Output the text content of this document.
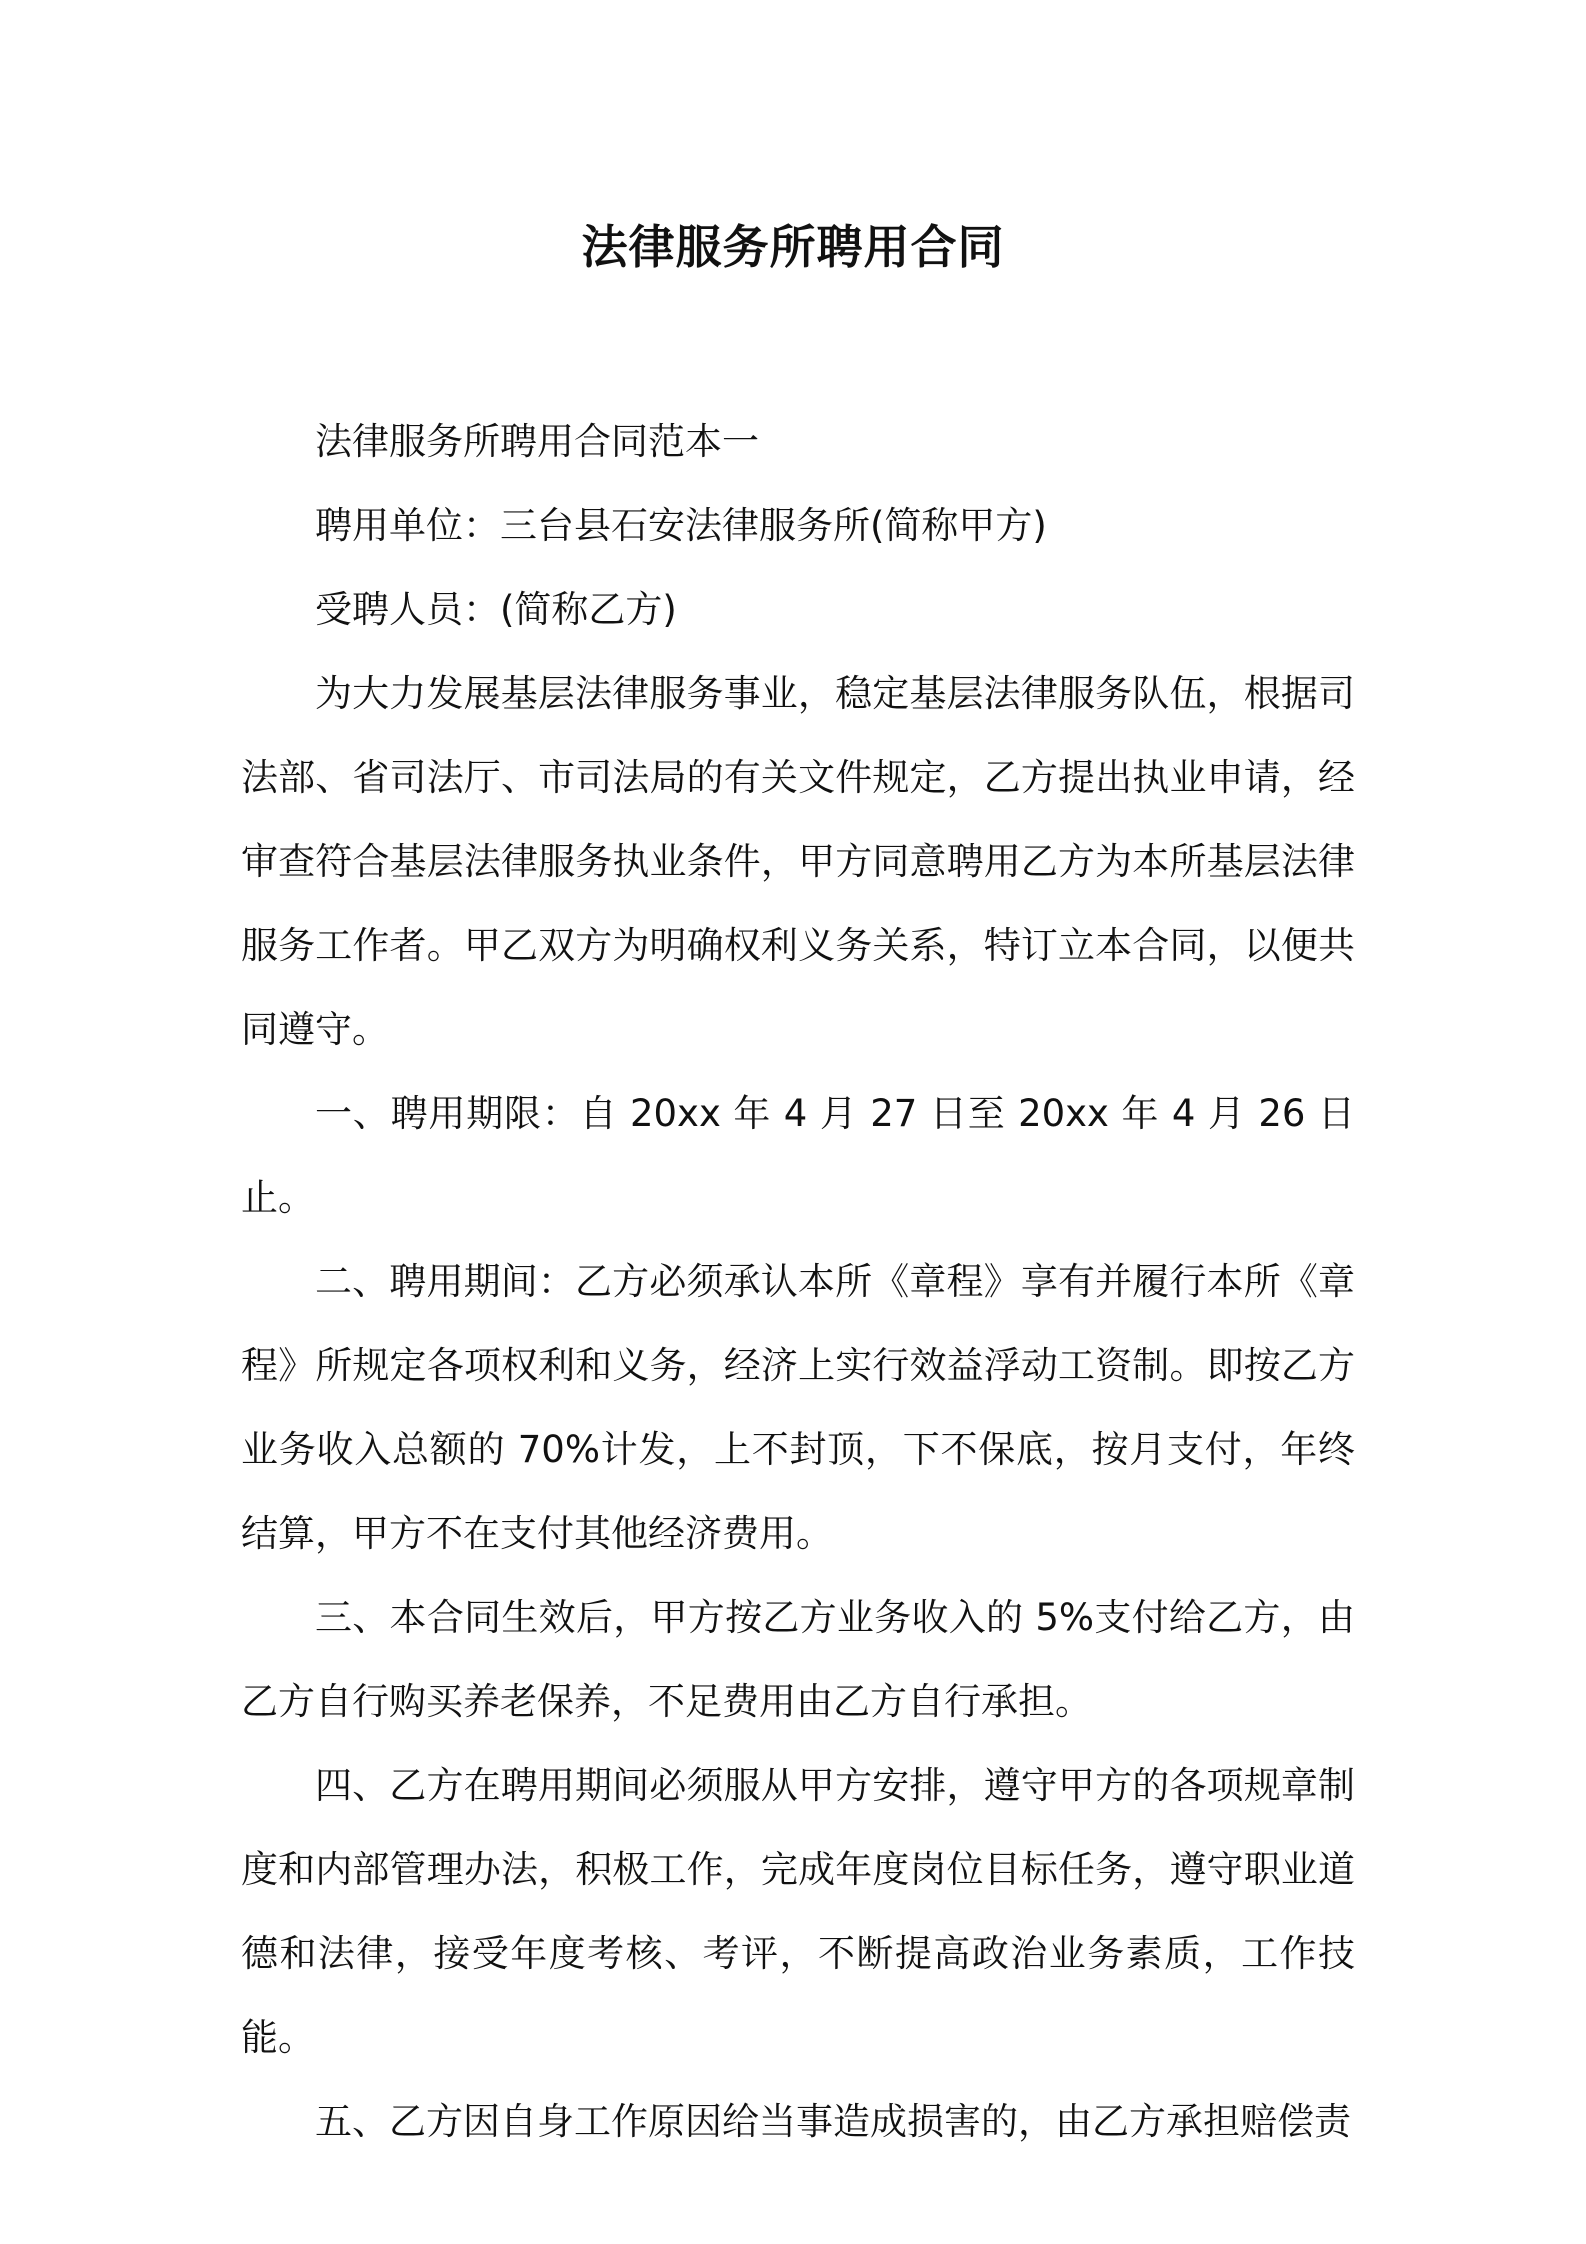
法律服务所聘用合同

法律服务所聘用合同范本一

聘用单位：三台县石安法律服务所(简称甲方)

受聘人员：(简称乙方)

为大力发展基层法律服务事业，稳定基层法律服务队伍，根据司法部、省司法厅、市司法局的有关文件规定，乙方提出执业申请，经审查符合基层法律服务执业条件，甲方同意聘用乙方为本所基层法律服务工作者。甲乙双方为明确权利义务关系，特订立本合同，以便共同遵守。

一、聘用期限：自 20xx 年 4 月 27 日至 20xx 年 4 月 26 日止。

二、聘用期间：乙方必须承认本所《章程》享有并履行本所《章程》所规定各项权利和义务，经济上实行效益浮动工资制。即按乙方业务收入总额的 70%计发，上不封顶，下不保底，按月支付，年终结算，甲方不在支付其他经济费用。

三、本合同生效后，甲方按乙方业务收入的 5%支付给乙方，由乙方自行购买养老保养，不足费用由乙方自行承担。

四、乙方在聘用期间必须服从甲方安排，遵守甲方的各项规章制度和内部管理办法，积极工作，完成年度岗位目标任务，遵守职业道德和法律，接受年度考核、考评，不断提高政治业务素质，工作技能。

五、乙方因自身工作原因给当事造成损害的，由乙方承担赔偿责
